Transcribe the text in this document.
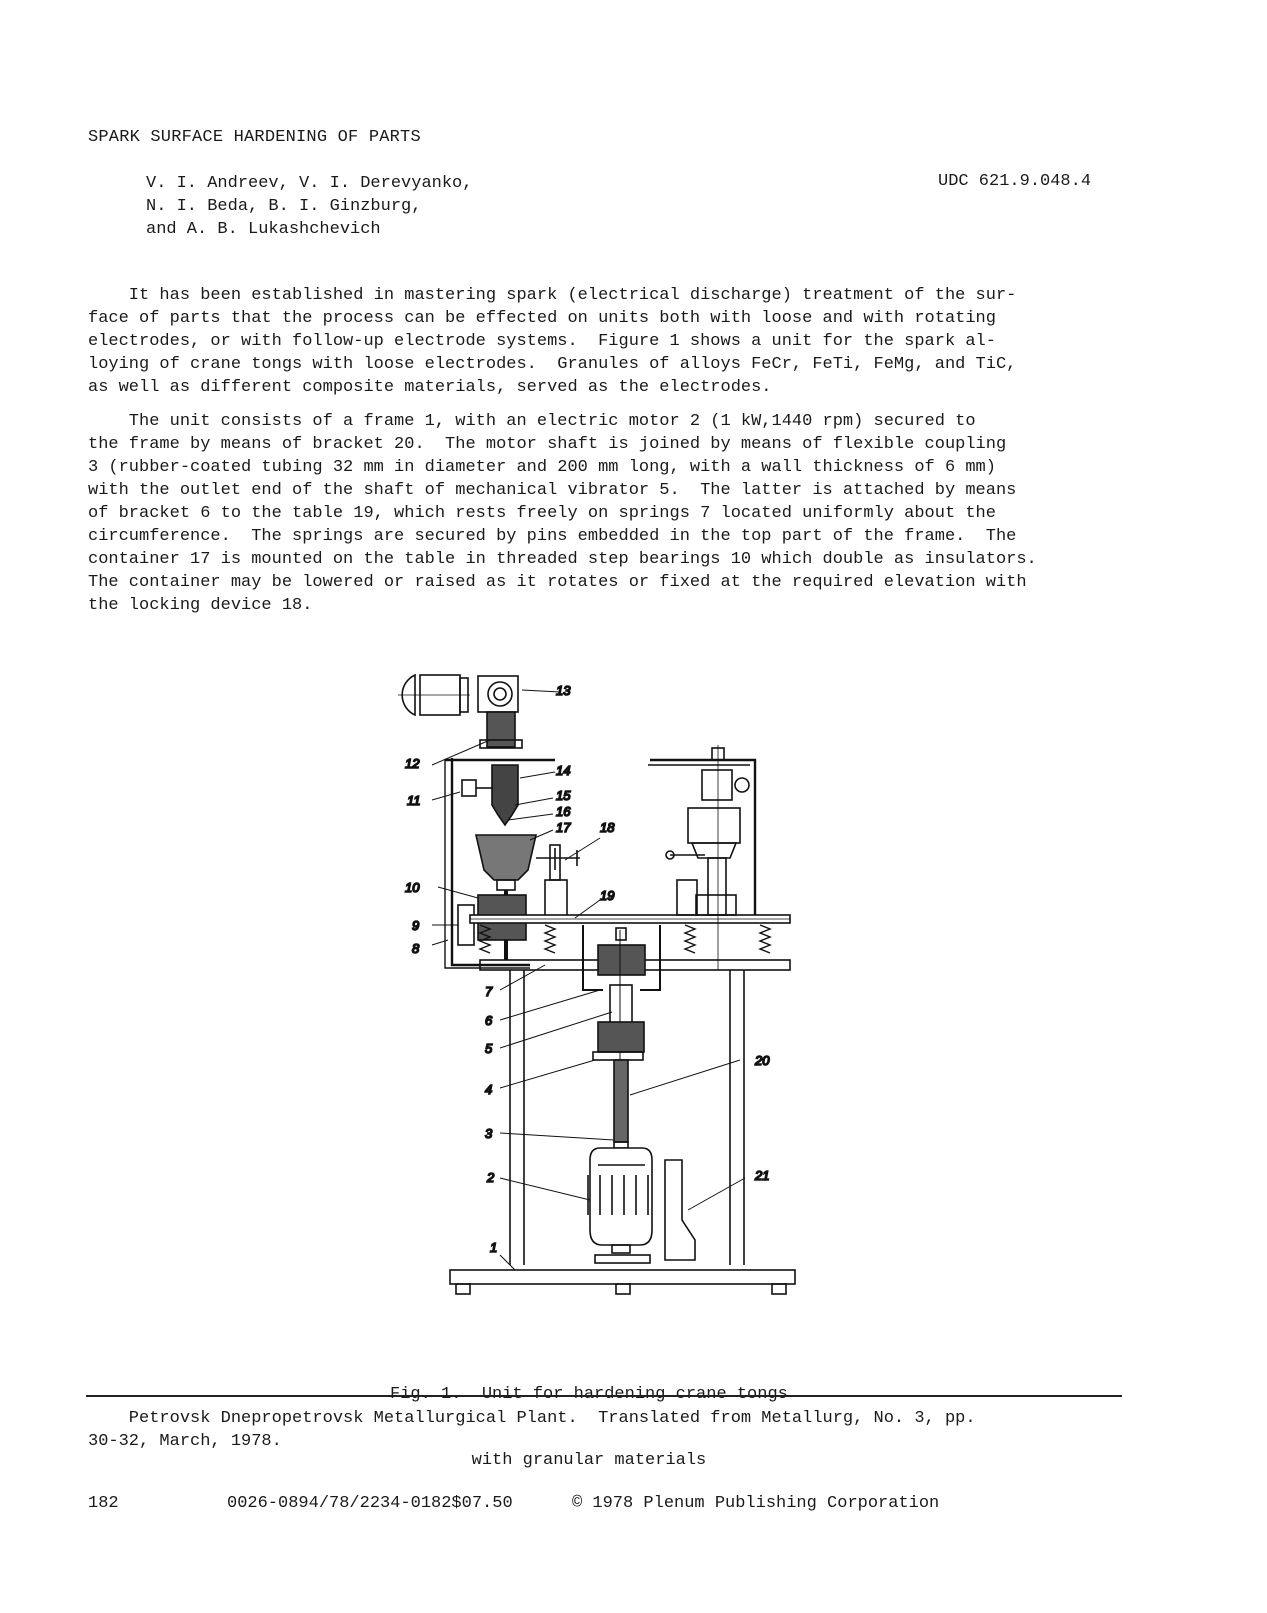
SPARK SURFACE HARDENING OF PARTS
V. I. Andreev, V. I. Derevyanko,
N. I. Beda, B. I. Ginzburg,
and A. B. Lukashchevich
UDC 621.9.048.4
It has been established in mastering spark (electrical discharge) treatment of the sur-
face of parts that the process can be effected on units both with loose and with rotating
electrodes, or with follow-up electrode systems.  Figure 1 shows a unit for the spark al-
loying of crane tongs with loose electrodes.  Granules of alloys FeCr, FeTi, FeMg, and TiC,
as well as different composite materials, served as the electrodes.
The unit consists of a frame 1, with an electric motor 2 (1 kW,1440 rpm) secured to
the frame by means of bracket 20.  The motor shaft is joined by means of flexible coupling
3 (rubber-coated tubing 32 mm in diameter and 200 mm long, with a wall thickness of 6 mm)
with the outlet end of the shaft of mechanical vibrator 5.  The latter is attached by means
of bracket 6 to the table 19, which rests freely on springs 7 located uniformly about the
circumference.  The springs are secured by pins embedded in the top part of the frame.  The
container 17 is mounted on the table in threaded step bearings 10 which double as insulators.
The container may be lowered or raised as it rotates or fixed at the required elevation with
the locking device 18.
13
12	14
11	15
16
17 18
10
19
9
8
7
6
5
4
3
20
2	21
1

Fig. 1.  Unit for hardening crane tongs

with granular materials

Petrovsk Dnepropetrovsk Metallurgical Plant.  Translated from Metallurg, No. 3, pp.
30-32, March, 1978.
182	0026-0894/78/2234-0182$07.50	© 1978 Plenum Publishing Corporation
